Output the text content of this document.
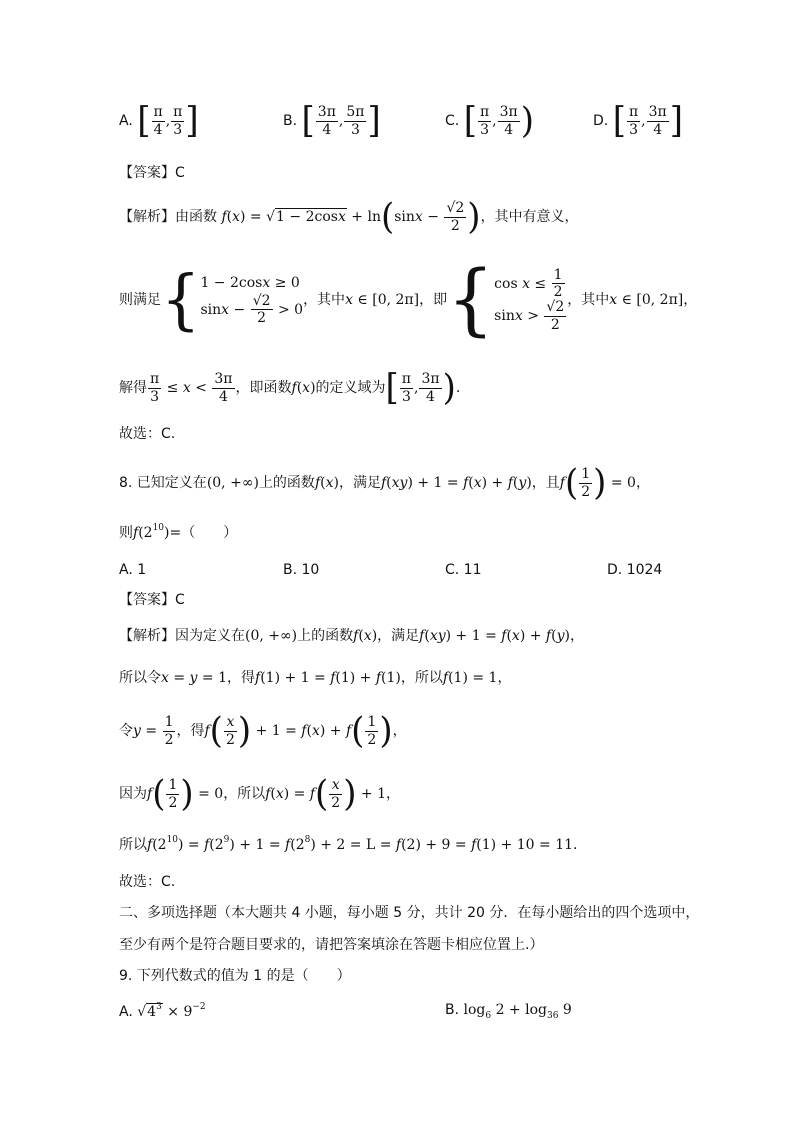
A. [ $\frac{\pi}{4}$ , $\frac{\pi}{3}$ ]	B. [ $\frac{3\pi}{4}$ , $\frac{5\pi}{3}$ ]	C. [ $\frac{\pi}{3}$ , $\frac{3\pi}{4}$ )	D. [ $\frac{\pi}{3}$ , $\frac{3\pi}{4}$ ]
【答案】C
【解析】由函数 $f(x) = √1 - 2\cos x + \ln(\sin x - \frac{√2}{2}$ )，其中有意义，
则满足{ 1 − 2cosx ≥ 0
$\sin x - \frac{√2}{2} > 0$
，其中x ∈ [0, 2π]，即{ $\cos x \le \frac{1}{2}$
$\sin x > \frac{√2}{2}$ ，其中x ∈ [0, 2π]，
解得 $\frac{\pi}{3} \le x < \frac{3\pi}{4}$ ，即函数f(x)的定义域为[ $\frac{\pi}{3}$ , $\frac{3\pi}{4}$ ).
故选：C.
8. 已知定义在(0, +∞)上的函数f(x)，满足f(xy) + 1 = f(x) + f(y)，且$f( \frac{1}{2}$ ) = 0，
则$f(2^{10})=$（　　）
A. 1	B. 10	C. 11	D. 1024
【答案】C
【解析】因为定义在(0, +∞)上的函数f(x)，满足f(xy) + 1 = f(x) + f(y)，
所以令x = y = 1，得f(1) + 1 = f(1) + f(1)，所以f(1) = 1，
令$y = \frac{1}{2}$ ，得$f( \frac{x}{2}$ ) + $1 = f(x) + f( \frac{1}{2}$ )，
因为$f( \frac{1}{2}$ ) = 0，所以$f(x) = f( \frac{x}{2}$ ) + 1，
所以$f(2^{10}) = f(2^9) + 1 = f(2^8) + 2 = L = f(2) + 9 = f(1) + 10 = 11$.
故选：C.
二、多项选择题（本大题共 4 小题，每小题 5 分，共计 20 分．在每小题给出的四个选项中，
至少有两个是符合题目要求的，请把答案填涂在答题卡相应位置上.）
9. 下列代数式的值为 1 的是（　　）
A. $√4^3 \times 9^{-2}$	B. $\log_6 2 + \log_{36} 9$
